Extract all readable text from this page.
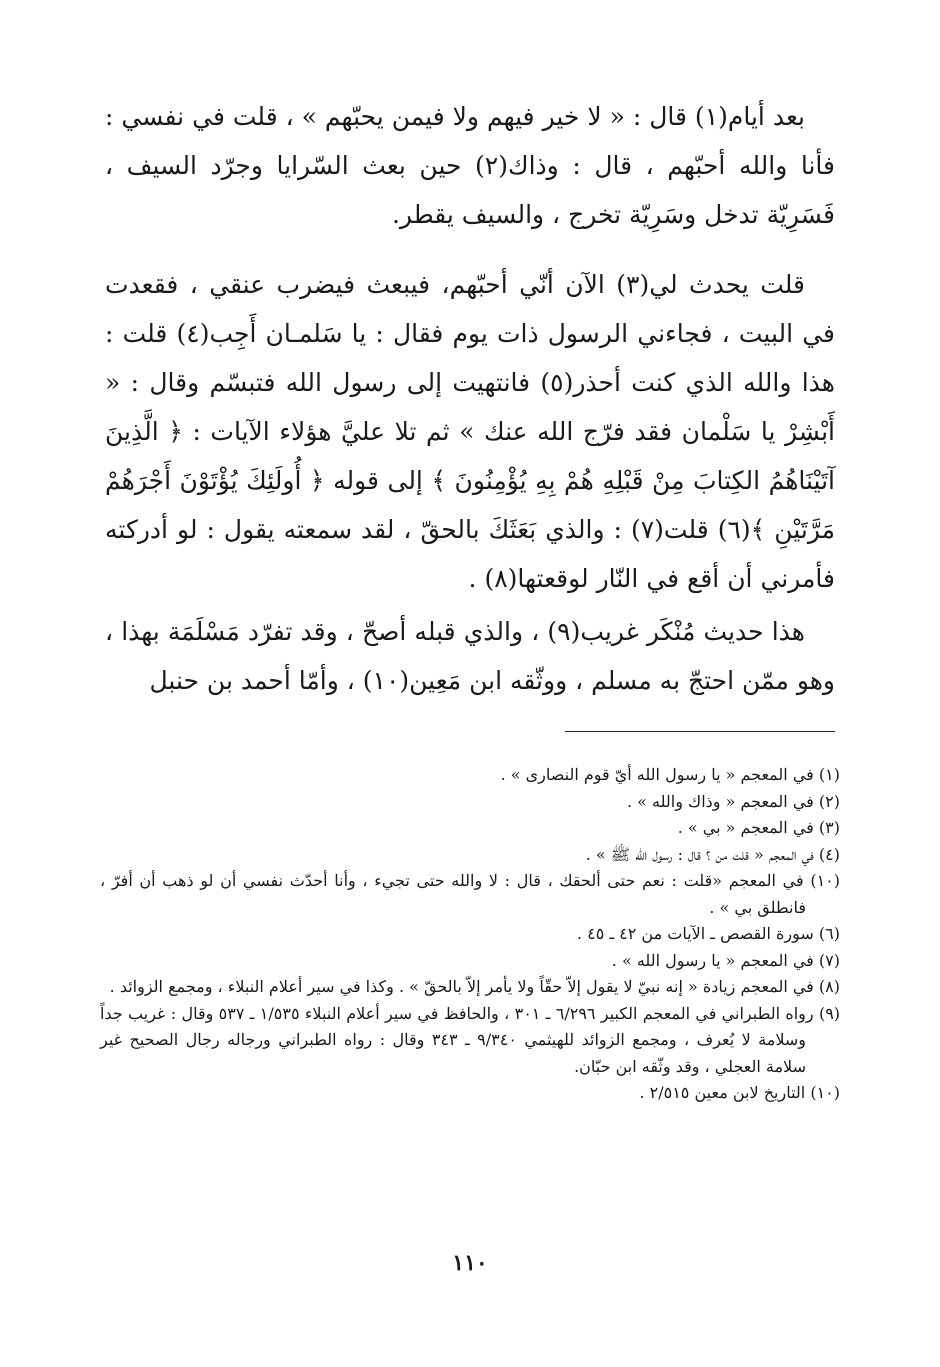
بعد أيام(١) قال : « لا خير فيهم ولا فيمن يحبّهم » ، قلت في نفسي : فأنا والله أحبّهم ، قال : وذاك(٢) حين بعث السّرايا وجرّد السيف ، فَسَرِيّة تدخل وسَرِيّة تخرج ، والسيف يقطر.

قلت يحدث لي(٣) الآن أنّي أحبّهم، فيبعث فيضرب عنقي ، فقعدت في البيت ، فجاءني الرسول ذات يوم فقال : يا سَلمـان أَجِب(٤) قلت : هذا والله الذي كنت أحذر(٥) فانتهيت إلى رسول الله فتبسّم وقال : « أَبْشِرْ يا سَلْمان فقد فرّج الله عنك » ثم تلا عليَّ هؤلاء الآيات : ﴿ الَّذِينَ آتَيْنَاهُمُ الكِتابَ مِنْ قَبْلِهِ هُمْ بِهِ يُؤْمِنُونَ ﴾ إلى قوله ﴿ أُولَئِكَ يُؤْتَوْنَ أَجْرَهُمْ مَرَّتَيْنِ ﴾(٦) قلت(٧) : والذي بَعَثَكَ بالحقّ ، لقد سمعته يقول : لو أدركته فأمرني أن أقع في النّار لوقعتها(٨) .

هذا حديث مُنْكَر غريب(٩) ، والذي قبله أصحّ ، وقد تفرّد مَسْلَمَة بهذا ، وهو ممّن احتجّ به مسلم ، ووثّقه ابن مَعِين(١٠) ، وأمّا أحمد بن حنبل

(١) في المعجم « يا رسول الله أيّ قوم النصارى » .

(٢) في المعجم « وذاك والله » .

(٣) في المعجم « بي » .

(٤) في المعجم « قلت من ؟ قال : رسول الله ﷺ » .

(١٠) في المعجم «قلت : نعم حتى ألحقك ، قال : لا والله حتى تجيء ، وأنا أحدّث نفسي أن لو ذهب أن أفرّ ، فانطلق بي » .

(٦) سورة القصص ـ الآيات من ٤٢ ـ ٤٥ .

(٧) في المعجم « يا رسول الله » .

(٨) في المعجم زيادة « إنه نبيّ لا يقول إلاّ حقّاً ولا يأمر إلاّ بالحقّ » . وكذا في سير أعلام النبلاء ، ومجمع الزوائد .

(٩) رواه الطبراني في المعجم الكبير ٦/٢٩٦ ـ ٣٠١ ، والحافظ في سير أعلام النبلاء ١/٥٣٥ ـ ٥٣٧ وقال : غريب جداً وسلامة لا يُعرف ، ومجمع الزوائد للهيثمي ٩/٣٤٠ ـ ٣٤٣ وقال : رواه الطبراني ورجاله رجال الصحيح غير سلامة العجلي ، وقد وثّقه ابن حبّان.

(١٠) التاريخ لابن معين ٢/٥١٥ .

١١٠
